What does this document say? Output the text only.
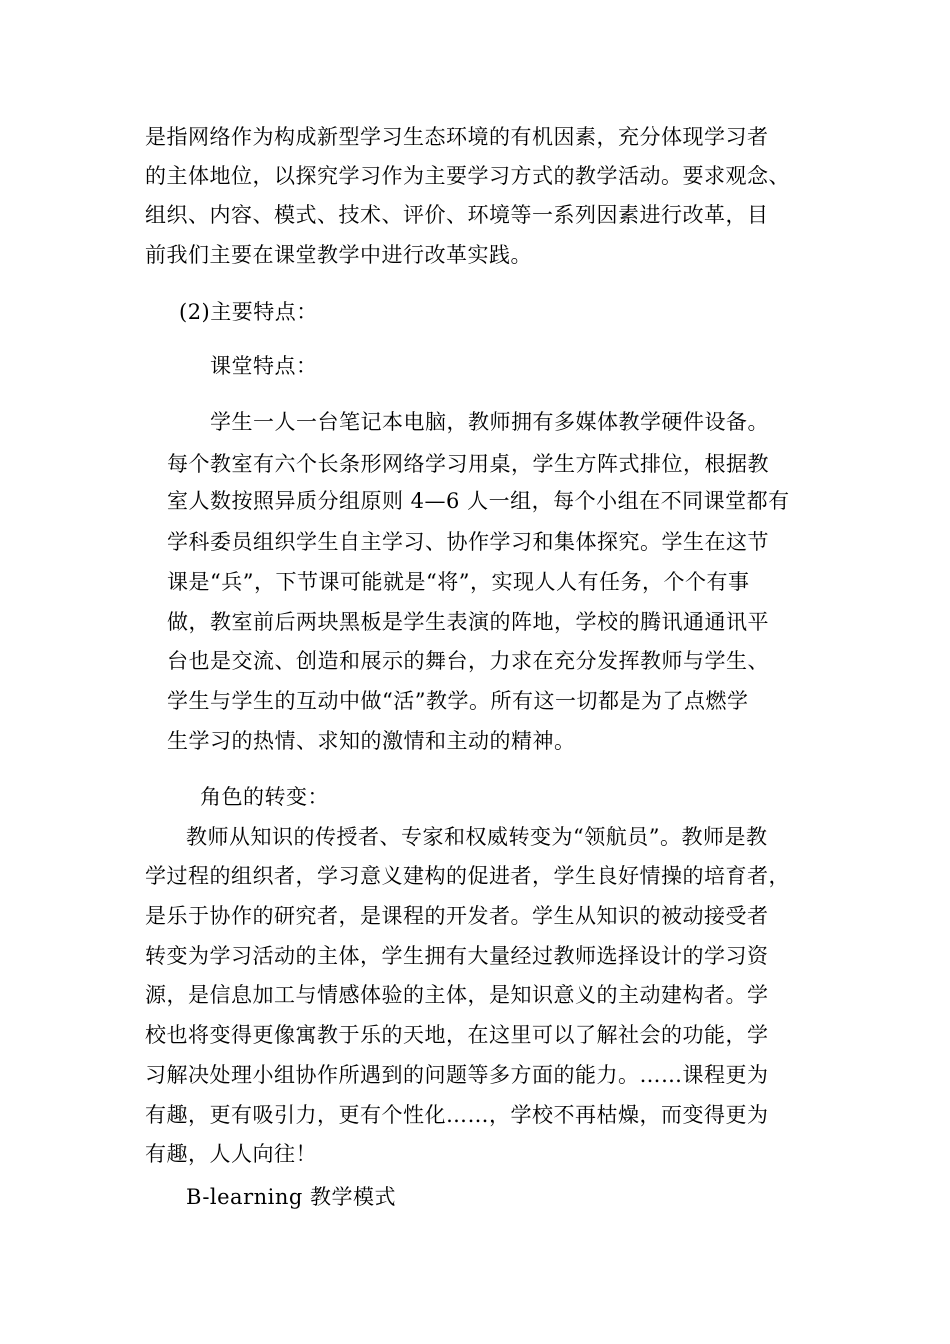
是指网络作为构成新型学习生态环境的有机因素，充分体现学习者
的主体地位，以探究学习作为主要学习方式的教学活动。要求观念、
组织、内容、模式、技术、评价、环境等一系列因素进行改革，目
前我们主要在课堂教学中进行改革实践。
(2)主要特点：
课堂特点：
学生一人一台笔记本电脑，教师拥有多媒体教学硬件设备。
每个教室有六个长条形网络学习用桌，学生方阵式排位，根据教
室人数按照异质分组原则 4—6 人一组，每个小组在不同课堂都有
学科委员组织学生自主学习、协作学习和集体探究。学生在这节
课是“兵”，下节课可能就是“将”，实现人人有任务，个个有事
做，教室前后两块黑板是学生表演的阵地，学校的腾讯通通讯平
台也是交流、创造和展示的舞台，力求在充分发挥教师与学生、
学生与学生的互动中做“活”教学。所有这一切都是为了点燃学
生学习的热情、求知的激情和主动的精神。
角色的转变：
教师从知识的传授者、专家和权威转变为“领航员”。教师是教
学过程的组织者，学习意义建构的促进者，学生良好情操的培育者，
是乐于协作的研究者，是课程的开发者。学生从知识的被动接受者
转变为学习活动的主体，学生拥有大量经过教师选择设计的学习资
源，是信息加工与情感体验的主体，是知识意义的主动建构者。学
校也将变得更像寓教于乐的天地，在这里可以了解社会的功能，学
习解决处理小组协作所遇到的问题等多方面的能力。……课程更为
有趣，更有吸引力，更有个性化……，学校不再枯燥，而变得更为
有趣，人人向往！
B-learning 教学模式
